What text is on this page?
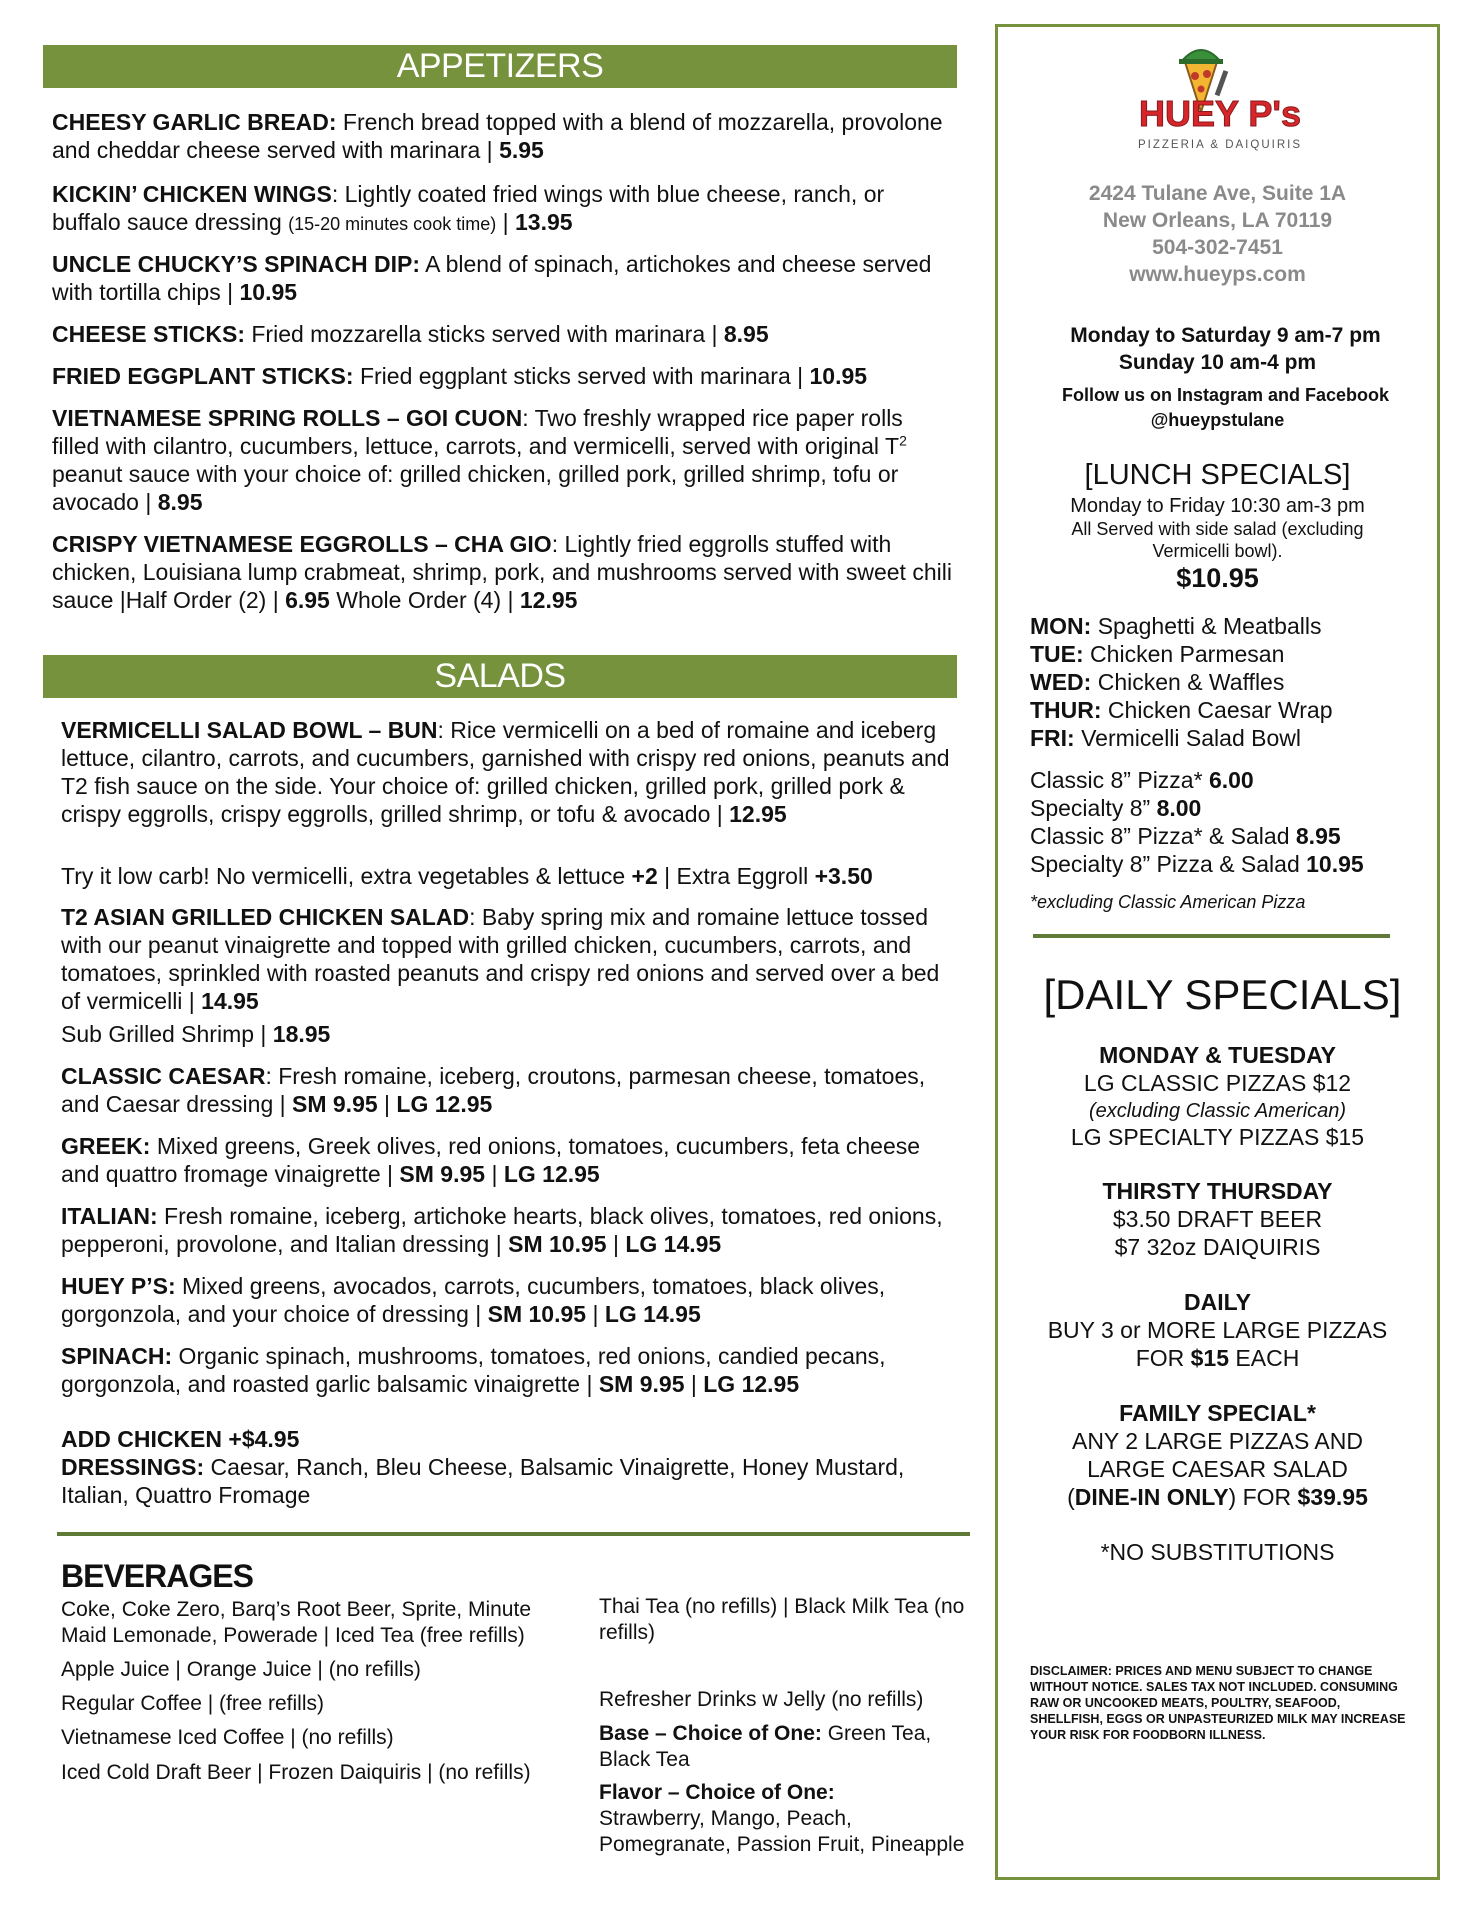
APPETIZERS

CHEESY GARLIC BREAD: French bread topped with a blend of mozzarella, provolone and cheddar cheese served with marinara | 5.95

KICKIN’ CHICKEN WINGS: Lightly coated fried wings with blue cheese, ranch, or buffalo sauce dressing (15-20 minutes cook time) | 13.95

UNCLE CHUCKY’S SPINACH DIP: A blend of spinach, artichokes and cheese served with tortilla chips | 10.95

CHEESE STICKS: Fried mozzarella sticks served with marinara | 8.95

FRIED EGGPLANT STICKS: Fried eggplant sticks served with marinara | 10.95

VIETNAMESE SPRING ROLLS – GOI CUON: Two freshly wrapped rice paper rolls filled with cilantro, cucumbers, lettuce, carrots, and vermicelli, served with original $T^2$ peanut sauce with your choice of: grilled chicken, grilled pork, grilled shrimp, tofu or avocado | 8.95

CRISPY VIETNAMESE EGGROLLS – CHA GIO: Lightly fried eggrolls stuffed with chicken, Louisiana lump crabmeat, shrimp, pork, and mushrooms served with sweet chili sauce |Half Order (2) | 6.95 Whole Order (4) | 12.95

SALADS

VERMICELLI SALAD BOWL – BUN: Rice vermicelli on a bed of romaine and iceberg lettuce, cilantro, carrots, and cucumbers, garnished with crispy red onions, peanuts and T2 fish sauce on the side. Your choice of: grilled chicken, grilled pork, grilled pork & crispy eggrolls, crispy eggrolls, grilled shrimp, or tofu & avocado | 12.95

Try it low carb! No vermicelli, extra vegetables & lettuce +2 | Extra Eggroll +3.50

T2 ASIAN GRILLED CHICKEN SALAD: Baby spring mix and romaine lettuce tossed with our peanut vinaigrette and topped with grilled chicken, cucumbers, carrots, and tomatoes, sprinkled with roasted peanuts and crispy red onions and served over a bed of vermicelli | 14.95

Sub Grilled Shrimp | 18.95

CLASSIC CAESAR: Fresh romaine, iceberg, croutons, parmesan cheese, tomatoes, and Caesar dressing | SM 9.95 | LG 12.95

GREEK: Mixed greens, Greek olives, red onions, tomatoes, cucumbers, feta cheese and quattro fromage vinaigrette | SM 9.95 | LG 12.95

ITALIAN: Fresh romaine, iceberg, artichoke hearts, black olives, tomatoes, red onions, pepperoni, provolone, and Italian dressing | SM 10.95 | LG 14.95

HUEY P’S: Mixed greens, avocados, carrots, cucumbers, tomatoes, black olives, gorgonzola, and your choice of dressing | SM 10.95 | LG 14.95

SPINACH: Organic spinach, mushrooms, tomatoes, red onions, candied pecans, gorgonzola, and roasted garlic balsamic vinaigrette | SM 9.95 | LG 12.95

ADD CHICKEN +$4.95

DRESSINGS: Caesar, Ranch, Bleu Cheese, Balsamic Vinaigrette, Honey Mustard, Italian, Quattro Fromage

BEVERAGES
Coke, Coke Zero, Barq’s Root Beer, Sprite, Minute Maid Lemonade, Powerade | Iced Tea (free refills)
Apple Juice | Orange Juice | (no refills)
Regular Coffee | (free refills)
Vietnamese Iced Coffee | (no refills)
Iced Cold Draft Beer | Frozen Daiquiris | (no refills)
Thai Tea (no refills) | Black Milk Tea (no refills)
Refresher Drinks w Jelly (no refills)
Base – Choice of One: Green Tea, Black Tea
Flavor – Choice of One:
Strawberry, Mango, Peach, Pomegranate, Passion Fruit, Pineapple
HUEY P's
PIZZERIA & DAIQUIRIS
2424 Tulane Ave, Suite 1A
New Orleans, LA 70119
504-302-7451
www.hueyps.com
Monday to Saturday 9 am-7 pm
Sunday 10 am-4 pm
Follow us on Instagram and Facebook
@hueypstulane
[LUNCH SPECIALS]
Monday to Friday 10:30 am-3 pm
All Served with side salad (excluding Vermicelli bowl).
$10.95
MON: Spaghetti & Meatballs
TUE: Chicken Parmesan
WED: Chicken & Waffles
THUR: Chicken Caesar Wrap
FRI: Vermicelli Salad Bowl
Classic 8” Pizza* 6.00
Specialty 8” 8.00
Classic 8” Pizza* & Salad 8.95
Specialty 8” Pizza & Salad 10.95
*excluding Classic American Pizza
[DAILY SPECIALS]
MONDAY & TUESDAY
LG CLASSIC PIZZAS $12
(excluding Classic American)
LG SPECIALTY PIZZAS $15
THIRSTY THURSDAY
$3.50 DRAFT BEER
$7 32oz DAIQUIRIS
DAILY
BUY 3 or MORE LARGE PIZZAS
FOR $15 EACH
FAMILY SPECIAL*
ANY 2 LARGE PIZZAS AND
LARGE CAESAR SALAD
(DINE-IN ONLY) FOR $39.95
*NO SUBSTITUTIONS
DISCLAIMER: PRICES AND MENU SUBJECT TO CHANGE WITHOUT NOTICE. SALES TAX NOT INCLUDED. CONSUMING RAW OR UNCOOKED MEATS, POULTRY, SEAFOOD, SHELLFISH, EGGS OR UNPASTEURIZED MILK MAY INCREASE YOUR RISK FOR FOODBORN ILLNESS.
